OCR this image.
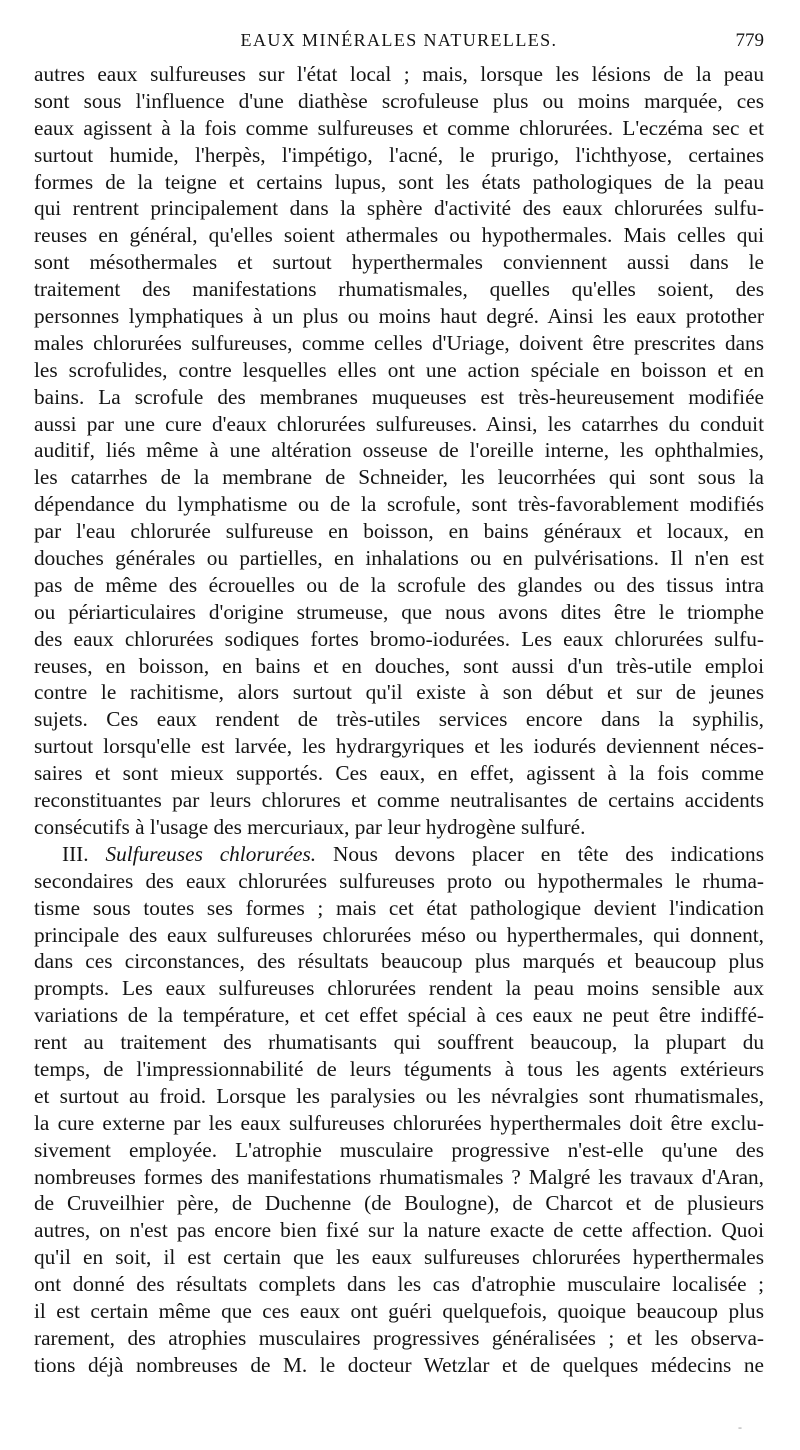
EAUX MINÉRALES NATURELLES.	779
autres eaux sulfureuses sur l'état local ; mais, lorsque les lésions de la peau
sont sous l'influence d'une diathèse scrofuleuse plus ou moins marquée, ces
eaux agissent à la fois comme sulfureuses et comme chlorurées. L'eczéma sec et
surtout humide, l'herpès, l'impétigo, l'acné, le prurigo, l'ichthyose, certaines
formes de la teigne et certains lupus, sont les états pathologiques de la peau
qui rentrent principalement dans la sphère d'activité des eaux chlorurées sulfu-
reuses en général, qu'elles soient athermales ou hypothermales. Mais celles qui
sont mésothermales et surtout hyperthermales conviennent aussi dans le
traitement des manifestations rhumatismales, quelles qu'elles soient, des
personnes lymphatiques à un plus ou moins haut degré. Ainsi les eaux protother
males chlorurées sulfureuses, comme celles d'Uriage, doivent être prescrites dans
les scrofulides, contre lesquelles elles ont une action spéciale en boisson et en
bains. La scrofule des membranes muqueuses est très-heureusement modifiée
aussi par une cure d'eaux chlorurées sulfureuses. Ainsi, les catarrhes du conduit
auditif, liés même à une altération osseuse de l'oreille interne, les ophthalmies,
les catarrhes de la membrane de Schneider, les leucorrhées qui sont sous la
dépendance du lymphatisme ou de la scrofule, sont très-favorablement modifiés
par l'eau chlorurée sulfureuse en boisson, en bains généraux et locaux, en
douches générales ou partielles, en inhalations ou en pulvérisations. Il n'en est
pas de même des écrouelles ou de la scrofule des glandes ou des tissus intra
ou périarticulaires d'origine strumeuse, que nous avons dites être le triomphe
des eaux chlorurées sodiques fortes bromo-iodurées. Les eaux chlorurées sulfu-
reuses, en boisson, en bains et en douches, sont aussi d'un très-utile emploi
contre le rachitisme, alors surtout qu'il existe à son début et sur de jeunes
sujets. Ces eaux rendent de très-utiles services encore dans la syphilis,
surtout lorsqu'elle est larvée, les hydrargyriques et les iodurés deviennent néces-
saires et sont mieux supportés. Ces eaux, en effet, agissent à la fois comme
reconstituantes par leurs chlorures et comme neutralisantes de certains accidents
consécutifs à l'usage des mercuriaux, par leur hydrogène sulfuré.
III. Sulfureuses chlorurées. Nous devons placer en tête des indications
secondaires des eaux chlorurées sulfureuses proto ou hypothermales le rhuma-
tisme sous toutes ses formes ; mais cet état pathologique devient l'indication
principale des eaux sulfureuses chlorurées méso ou hyperthermales, qui donnent,
dans ces circonstances, des résultats beaucoup plus marqués et beaucoup plus
prompts. Les eaux sulfureuses chlorurées rendent la peau moins sensible aux
variations de la température, et cet effet spécial à ces eaux ne peut être indiffé-
rent au traitement des rhumatisants qui souffrent beaucoup, la plupart du
temps, de l'impressionnabilité de leurs téguments à tous les agents extérieurs
et surtout au froid. Lorsque les paralysies ou les névralgies sont rhumatismales,
la cure externe par les eaux sulfureuses chlorurées hyperthermales doit être exclu-
sivement employée. L'atrophie musculaire progressive n'est-elle qu'une des
nombreuses formes des manifestations rhumatismales ? Malgré les travaux d'Aran,
de Cruveilhier père, de Duchenne (de Boulogne), de Charcot et de plusieurs
autres, on n'est pas encore bien fixé sur la nature exacte de cette affection. Quoi
qu'il en soit, il est certain que les eaux sulfureuses chlorurées hyperthermales
ont donné des résultats complets dans les cas d'atrophie musculaire localisée ;
il est certain même que ces eaux ont guéri quelquefois, quoique beaucoup plus
rarement, des atrophies musculaires progressives généralisées ; et les observa-
tions déjà nombreuses de M. le docteur Wetzlar et de quelques médecins ne
-
